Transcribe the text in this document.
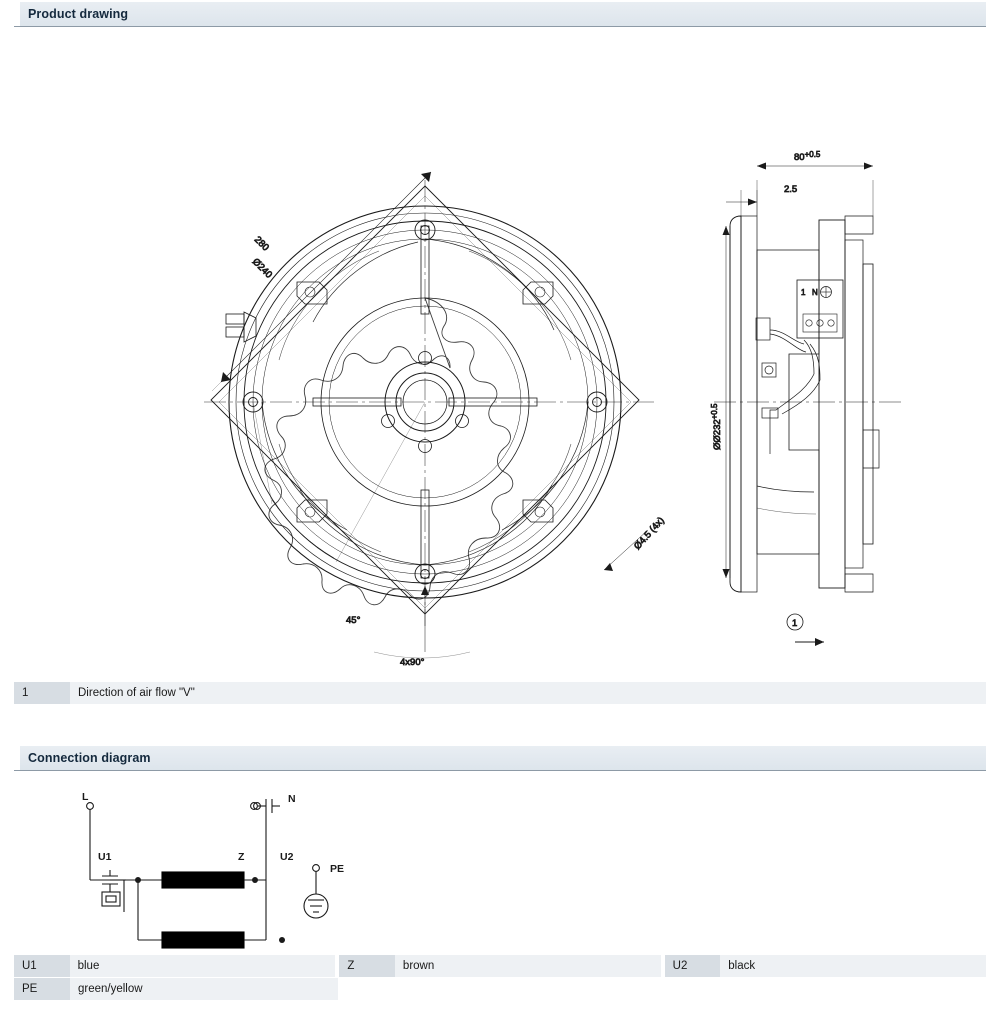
Product drawing
280
Ø240
Ø4.5 (4x)
45°
4x90°
1 N
$80^{+0.5}$
2.5
$ØØ232^{+0.5}$
1
1	Direction of air flow "V"
Connection diagram
L	N
U1	Z	U2
PE
U1	blue	Z	brown	U2	black
PE	green/yellow
